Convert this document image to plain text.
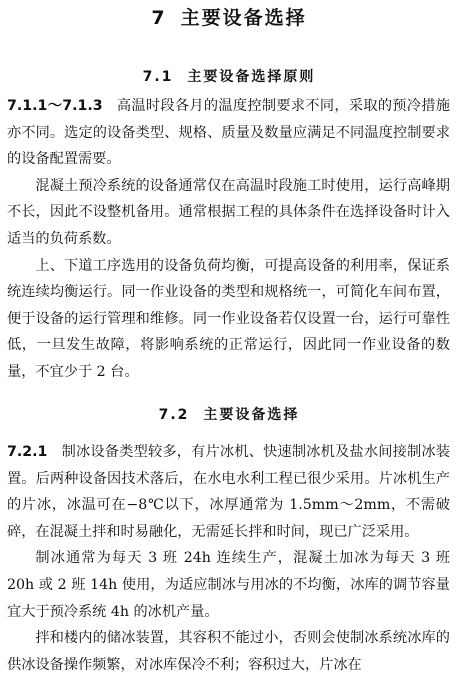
7 主要设备选择
7.1 主要设备选择原则

7.1.1～7.1.3 高温时段各月的温度控制要求不同，采取的预冷措施亦不同。选定的设备类型、规格、质量及数量应满足不同温度控制要求的设备配置需要。

混凝土预冷系统的设备通常仅在高温时段施工时使用，运行高峰期不长，因此不设整机备用。通常根据工程的具体条件在选择设备时计入适当的负荷系数。

上、下道工序选用的设备负荷均衡，可提高设备的利用率，保证系统连续均衡运行。同一作业设备的类型和规格统一，可简化车间布置，便于设备的运行管理和维修。同一作业设备若仅设置一台，运行可靠性低，一旦发生故障，将影响系统的正常运行，因此同一作业设备的数量，不宜少于 2 台。

7.2 主要设备选择

7.2.1 制冰设备类型较多，有片冰机、快速制冰机及盐水间接制冰装置。后两种设备因技术落后，在水电水利工程已很少采用。片冰机生产的片冰，冰温可在−8℃以下，冰厚通常为 1.5mm～2mm，不需破碎，在混凝土拌和时易融化，无需延长拌和时间，现已广泛采用。

制冰通常为每天 3 班 24h 连续生产，混凝土加冰为每天 3 班 20h 或 2 班 14h 使用，为适应制冰与用冰的不均衡，冰库的调节容量宜大于预冷系统 4h 的冰机产量。

拌和楼内的储冰装置，其容积不能过小，否则会使制冰系统冰库的供冰设备操作频繁，对冰库保冷不利；容积过大，片冰在
